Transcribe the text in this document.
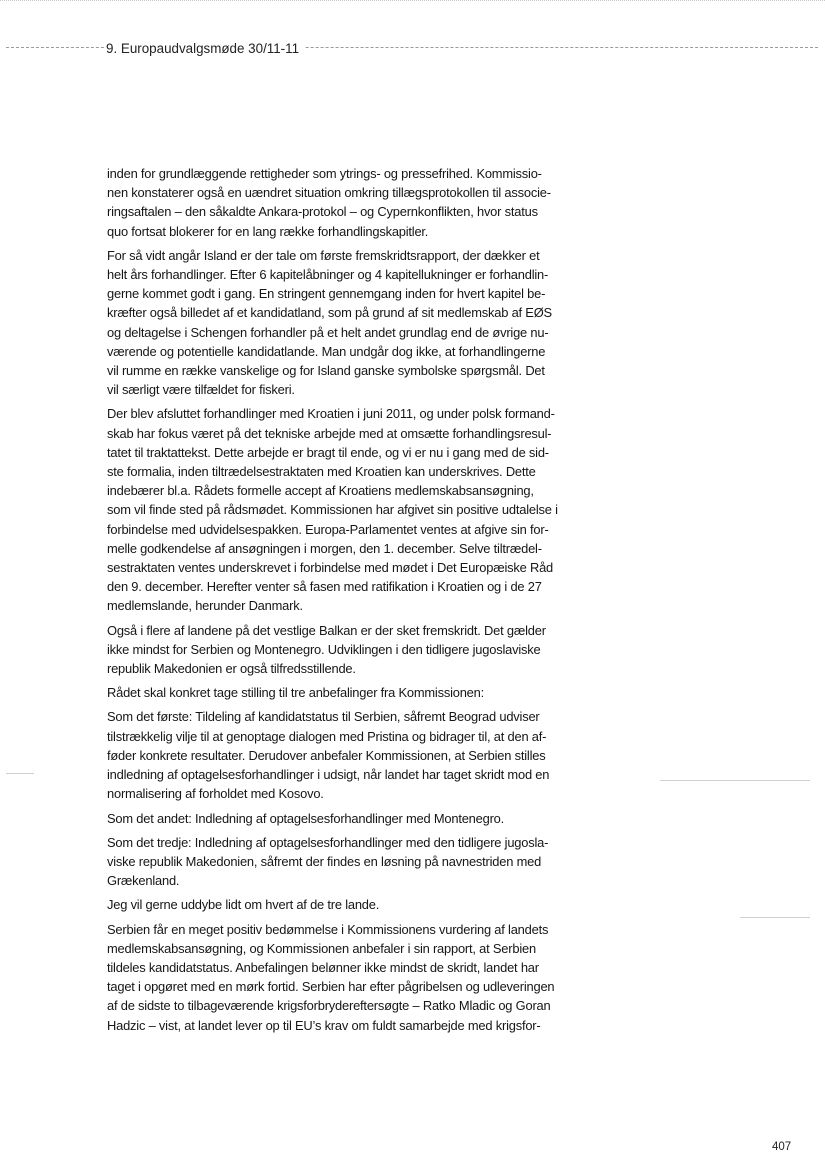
9. Europaudvalgsmøde 30/11-11

inden for grundlæggende rettigheder som ytrings- og pressefrihed. Kommissio-
nen konstaterer også en uændret situation omkring tillægsprotokollen til associe-
ringsaftalen – den såkaldte Ankara-protokol – og Cypernkonflikten, hvor status
quo fortsat blokerer for en lang række forhandlingskapitler.

For så vidt angår Island er der tale om første fremskridtsrapport, der dækker et
helt års forhandlinger. Efter 6 kapitelåbninger og 4 kapitellukninger er forhandlin-
gerne kommet godt i gang. En stringent gennemgang inden for hvert kapitel be-
kræfter også billedet af et kandidatland, som på grund af sit medlemskab af EØS
og deltagelse i Schengen forhandler på et helt andet grundlag end de øvrige nu-
værende og potentielle kandidatlande. Man undgår dog ikke, at forhandlingerne
vil rumme en række vanskelige og for Island ganske symbolske spørgsmål. Det
vil særligt være tilfældet for fiskeri.

Der blev afsluttet forhandlinger med Kroatien i juni 2011, og under polsk formand-
skab har fokus været på det tekniske arbejde med at omsætte forhandlingsresul-
tatet til traktattekst. Dette arbejde er bragt til ende, og vi er nu i gang med de sid-
ste formalia, inden tiltrædelsestraktaten med Kroatien kan underskrives. Dette
indebærer bl.a. Rådets formelle accept af Kroatiens medlemskabsansøgning,
som vil finde sted på rådsmødet. Kommissionen har afgivet sin positive udtalelse i
forbindelse med udvidelsespakken. Europa-Parlamentet ventes at afgive sin for-
melle godkendelse af ansøgningen i morgen, den 1. december. Selve tiltrædel-
sestraktaten ventes underskrevet i forbindelse med mødet i Det Europæiske Råd
den 9. december. Herefter venter så fasen med ratifikation i Kroatien og i de 27
medlemslande, herunder Danmark.

Også i flere af landene på det vestlige Balkan er der sket fremskridt. Det gælder
ikke mindst for Serbien og Montenegro. Udviklingen i den tidligere jugoslaviske
republik Makedonien er også tilfredsstillende.

Rådet skal konkret tage stilling til tre anbefalinger fra Kommissionen:

Som det første: Tildeling af kandidatstatus til Serbien, såfremt Beograd udviser
tilstrækkelig vilje til at genoptage dialogen med Pristina og bidrager til, at den af-
føder konkrete resultater. Derudover anbefaler Kommissionen, at Serbien stilles
indledning af optagelsesforhandlinger i udsigt, når landet har taget skridt mod en
normalisering af forholdet med Kosovo.

Som det andet: Indledning af optagelsesforhandlinger med Montenegro.

Som det tredje: Indledning af optagelsesforhandlinger med den tidligere jugosla-
viske republik Makedonien, såfremt der findes en løsning på navnestriden med
Grækenland.

Jeg vil gerne uddybe lidt om hvert af de tre lande.

Serbien får en meget positiv bedømmelse i Kommissionens vurdering af landets
medlemskabsansøgning, og Kommissionen anbefaler i sin rapport, at Serbien
tildeles kandidatstatus. Anbefalingen belønner ikke mindst de skridt, landet har
taget i opgøret med en mørk fortid. Serbien har efter pågribelsen og udleveringen
af de sidste to tilbageværende krigsforbrydereftersøgte – Ratko Mladic og Goran
Hadzic – vist, at landet lever op til EU’s krav om fuldt samarbejde med krigsfor-

407
